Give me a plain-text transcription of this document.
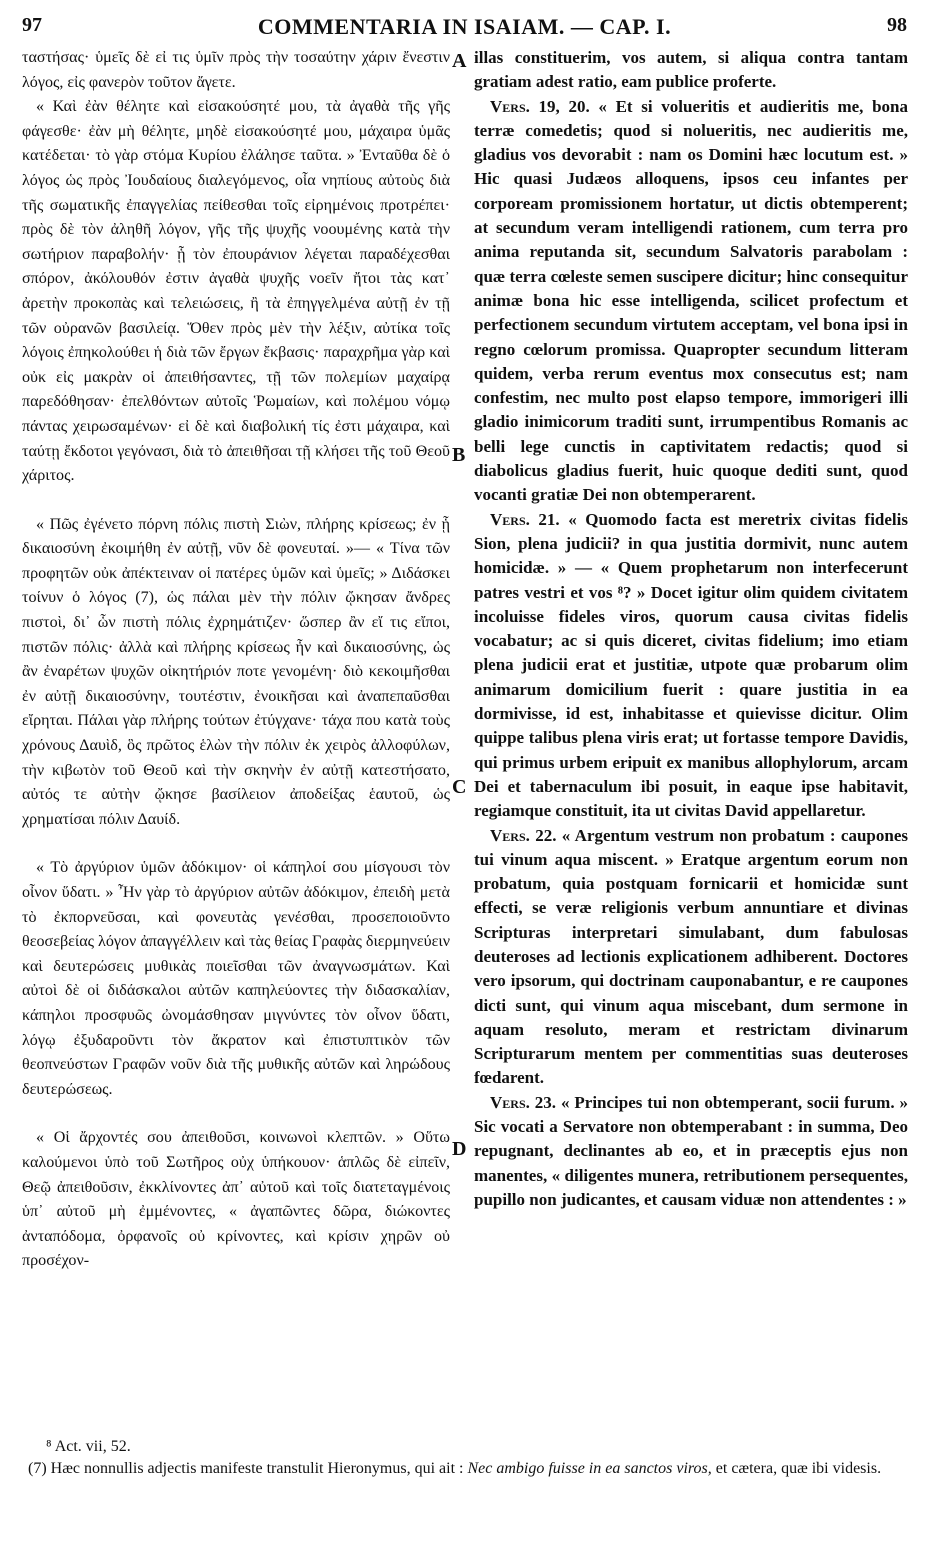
97	COMMENTARIA IN ISAIAM. — CAP. I.	98

ταστήσας· ὑμεῖς δὲ εἰ τις ὑμῖν πρὸς τὴν τοσαύτην χάριν ἔνεστιν λόγος, εἰς φανερὸν τοῦτον ἄγετε.

« Καὶ ἐὰν θέλητε καὶ εἰσακούσητέ μου, τὰ ἀγαθὰ τῆς γῆς φάγεσθε· ἐὰν μὴ θέλητε, μηδὲ εἰσακούσητέ μου, μάχαιρα ὑμᾶς κατέδεται· τὸ γὰρ στόμα Κυρίου ἐλάλησε ταῦτα. » Ἐνταῦθα δὲ ὁ λόγος ὡς πρὸς Ἰουδαίους διαλεγόμενος, οἷα νηπίους αὐτοὺς διὰ τῆς σωματικῆς ἐπαγγελίας πείθεσθαι τοῖς εἰρημένοις προτρέπει· πρὸς δὲ τὸν ἀληθῆ λόγον, γῆς τῆς ψυχῆς νοουμένης κατὰ τὴν σωτήριον παραβολήν· ᾗ τὸν ἐπουράνιον λέγεται παραδέχεσθαι σπόρον, ἀκόλουθόν ἐστιν ἀγαθὰ ψυχῆς νοεῖν ἤτοι τὰς κατ᾽ ἀρετὴν προκοπὰς καὶ τελειώσεις, ἢ τὰ ἐπηγγελμένα αὐτῇ ἐν τῇ τῶν οὐρανῶν βασιλείᾳ. Ὅθεν πρὸς μὲν τὴν λέξιν, αὐτίκα τοῖς λόγοις ἐπηκολούθει ἡ διὰ τῶν ἔργων ἔκβασις· παραχρῆμα γὰρ καὶ οὐκ εἰς μακρὰν οἱ ἀπειθήσαντες, τῇ τῶν πολεμίων μαχαίρᾳ παρεδόθησαν· ἐπελθόντων αὐτοῖς Ῥωμαίων, καὶ πολέμου νόμῳ πάντας χειρωσαμένων· εἰ δὲ καὶ διαβολική τίς ἐστι μάχαιρα, καὶ ταύτῃ ἔκδοτοι γεγόνασι, διὰ τὸ ἀπειθῆσαι τῇ κλήσει τῆς τοῦ Θεοῦ χάριτος.

« Πῶς ἐγένετο πόρνη πόλις πιστὴ Σιὼν, πλήρης κρίσεως; ἐν ᾗ δικαιοσύνη ἐκοιμήθη ἐν αὐτῇ, νῦν δὲ φονευταί. »— « Τίνα τῶν προφητῶν οὐκ ἀπέκτειναν οἱ πατέρες ὑμῶν καὶ ὑμεῖς; » Διδάσκει τοίνυν ὁ λόγος (7), ὡς πάλαι μὲν τὴν πόλιν ᾤκησαν ἄνδρες πιστοὶ, δι᾽ ὧν πιστὴ πόλις ἐχρημάτιζεν· ὥσπερ ἂν εἴ τις εἴποι, πιστῶν πόλις· ἀλλὰ καὶ πλήρης κρίσεως ἦν καὶ δικαιοσύνης, ὡς ἂν ἐναρέτων ψυχῶν οἰκητήριόν ποτε γενομένη· διὸ κεκοιμῆσθαι ἐν αὐτῇ δικαιοσύνην, τουτέστιν, ἐνοικῆσαι καὶ ἀναπεπαῦσθαι εἴρηται. Πάλαι γὰρ πλήρης τούτων ἐτύγχανε· τάχα που κατὰ τοὺς χρόνους Δαυὶδ, ὃς πρῶτος ἑλὼν τὴν πόλιν ἐκ χειρὸς ἀλλοφύλων, τὴν κιβωτὸν τοῦ Θεοῦ καὶ τὴν σκηνὴν ἐν αὐτῇ κατεστήσατο, αὐτός τε αὐτὴν ᾤκησε βασίλειον ἀποδείξας ἑαυτοῦ, ὡς χρηματίσαι πόλιν Δαυίδ.

« Τὸ ἀργύριον ὑμῶν ἀδόκιμον· οἱ κάπηλοί σου μίσγουσι τὸν οἶνον ὕδατι. » Ἦν γὰρ τὸ ἀργύριον αὐτῶν ἀδόκιμον, ἐπειδὴ μετὰ τὸ ἐκπορνεῦσαι, καὶ φονευτὰς γενέσθαι, προσεποιοῦντο θεοσεβείας λόγον ἀπαγγέλλειν καὶ τὰς θείας Γραφὰς διερμηνεύειν καὶ δευτερώσεις μυθικὰς ποιεῖσθαι τῶν ἀναγνωσμάτων. Καὶ αὐτοὶ δὲ οἱ διδάσκαλοι αὐτῶν καπηλεύοντες τὴν διδασκαλίαν, κάπηλοι προσφυῶς ὠνομάσθησαν μιγνύντες τὸν οἶνον ὕδατι, λόγῳ ἐξυδαροῦντι τὸν ἄκρατον καὶ ἐπιστυπτικὸν τῶν θεοπνεύστων Γραφῶν νοῦν διὰ τῆς μυθικῆς αὐτῶν καὶ ληρώδους δευτερώσεως.

« Οἱ ἄρχοντές σου ἀπειθοῦσι, κοινωνοὶ κλεπτῶν. » Οὕτω καλούμενοι ὑπὸ τοῦ Σωτῆρος οὐχ ὑπήκουον· ἁπλῶς δὲ εἰπεῖν, Θεῷ ἀπειθοῦσιν, ἐκκλίνοντες ἀπ᾽ αὐτοῦ καὶ τοῖς διατεταγμένοις ὑπ᾽ αὐτοῦ μὴ ἐμμένοντες, « ἀγαπῶντες δῶρα, διώκοντες ἀνταπόδομα, ὀρφανοῖς οὐ κρίνοντες, καὶ κρίσιν χηρῶν οὐ προσέχον-

A
B
C
D

illas constituerim, vos autem, si aliqua contra tantam gratiam adest ratio, eam publice proferte.

Vers. 19, 20. « Et si volueritis et audieritis me, bona terræ comedetis; quod si nolueritis, nec audieritis me, gladius vos devorabit : nam os Domini hæc locutum est. » Hic quasi Judæos alloquens, ipsos ceu infantes per corpoream promissionem hortatur, ut dictis obtemperent; at secundum veram intelligendi rationem, cum terra pro anima reputanda sit, secundum Salvatoris parabolam : quæ terra cœleste semen suscipere dicitur; hinc consequitur animæ bona hic esse intelligenda, scilicet profectum et perfectionem secundum virtutem acceptam, vel bona ipsi in regno cœlorum promissa. Quapropter secundum litteram quidem, verba rerum eventus mox consecutus est; nam confestim, nec multo post elapso tempore, immorigeri illi gladio inimicorum traditi sunt, irrumpentibus Romanis ac belli lege cunctis in captivitatem redactis; quod si diabolicus gladius fuerit, huic quoque dediti sunt, quod vocanti gratiæ Dei non obtemperarent.

Vers. 21. « Quomodo facta est meretrix civitas fidelis Sion, plena judicii? in qua justitia dormivit, nunc autem homicidæ. » — « Quem prophetarum non interfecerunt patres vestri et vos ⁸? » Docet igitur olim quidem civitatem incoluisse fideles viros, quorum causa civitas fidelis vocabatur; ac si quis diceret, civitas fidelium; imo etiam plena judicii erat et justitiæ, utpote quæ probarum olim animarum domicilium fuerit : quare justitia in ea dormivisse, id est, inhabitasse et quievisse dicitur. Olim quippe talibus plena viris erat; ut fortasse tempore Davidis, qui primus urbem eripuit ex manibus allophylorum, arcam Dei et tabernaculum ibi posuit, in eaque ipse habitavit, regiamque constituit, ita ut civitas David appellaretur.

Vers. 22. « Argentum vestrum non probatum : caupones tui vinum aqua miscent. » Eratque argentum eorum non probatum, quia postquam fornicarii et homicidæ sunt effecti, se veræ religionis verbum annuntiare et divinas Scripturas interpretari simulabant, dum fabulosas deuteroses ad lectionis explicationem adhiberent. Doctores vero ipsorum, qui doctrinam cauponabantur, e re caupones dicti sunt, qui vinum aqua miscebant, dum sermone in aquam resoluto, meram et restrictam divinarum Scripturarum mentem per commentitias suas deuteroses fœdarent.

Vers. 23. « Principes tui non obtemperant, socii furum. » Sic vocati a Servatore non obtemperabant : in summa, Deo repugnant, declinantes ab eo, et in præceptis ejus non manentes, « diligentes munera, retributionem persequentes, pupillo non judicantes, et causam viduæ non attendentes : »

⁸ Act. vii, 52.
(7) Hæc nonnullis adjectis manifeste transtulit Hieronymus, qui ait : Nec ambigo fuisse in ea sanctos viros, et cætera, quæ ibi videsis.
